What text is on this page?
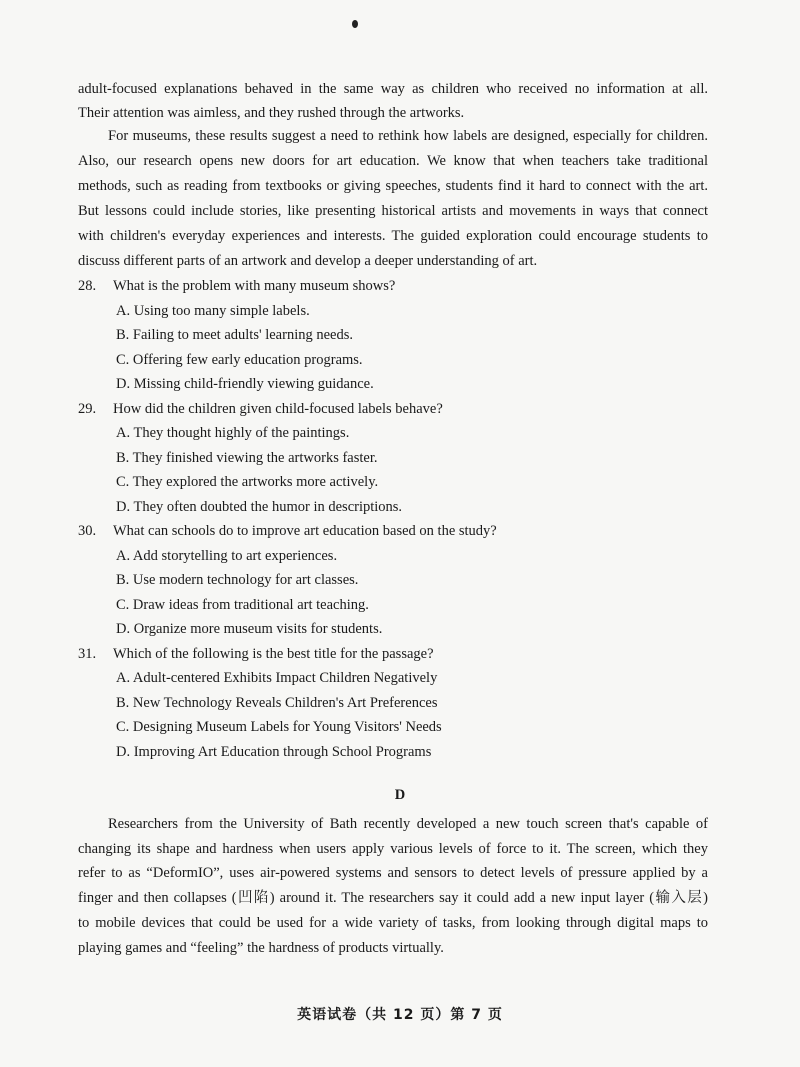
adult-focused explanations behaved in the same way as children who received no information at all.
Their attention was aimless, and they rushed through the artworks.
For museums, these results suggest a need to rethink how labels are designed, especially for children.
Also, our research opens new doors for art education. We know that when teachers take traditional
methods, such as reading from textbooks or giving speeches, students find it hard to connect with the art.
But lessons could include stories, like presenting historical artists and movements in ways that connect
with children's everyday experiences and interests. The guided exploration could encourage students to
discuss different parts of an artwork and develop a deeper understanding of art.
28. What is the problem with many museum shows?
A. Using too many simple labels.
B. Failing to meet adults' learning needs.
C. Offering few early education programs.
D. Missing child-friendly viewing guidance.
29. How did the children given child-focused labels behave?
A. They thought highly of the paintings.
B. They finished viewing the artworks faster.
C. They explored the artworks more actively.
D. They often doubted the humor in descriptions.
30. What can schools do to improve art education based on the study?
A. Add storytelling to art experiences.
B. Use modern technology for art classes.
C. Draw ideas from traditional art teaching.
D. Organize more museum visits for students.
31. Which of the following is the best title for the passage?
A. Adult-centered Exhibits Impact Children Negatively
B. New Technology Reveals Children's Art Preferences
C. Designing Museum Labels for Young Visitors' Needs
D. Improving Art Education through School Programs
D
Researchers from the University of Bath recently developed a new touch screen that's capable of
changing its shape and hardness when users apply various levels of force to it. The screen, which they
refer to as “DeformIO”, uses air-powered systems and sensors to detect levels of pressure applied by a
finger and then collapses (凹陷) around it. The researchers say it could add a new input layer (输入层)
to mobile devices that could be used for a wide variety of tasks, from looking through digital maps to
playing games and “feeling” the hardness of products virtually.
英语试卷（共 12 页）第 7 页
